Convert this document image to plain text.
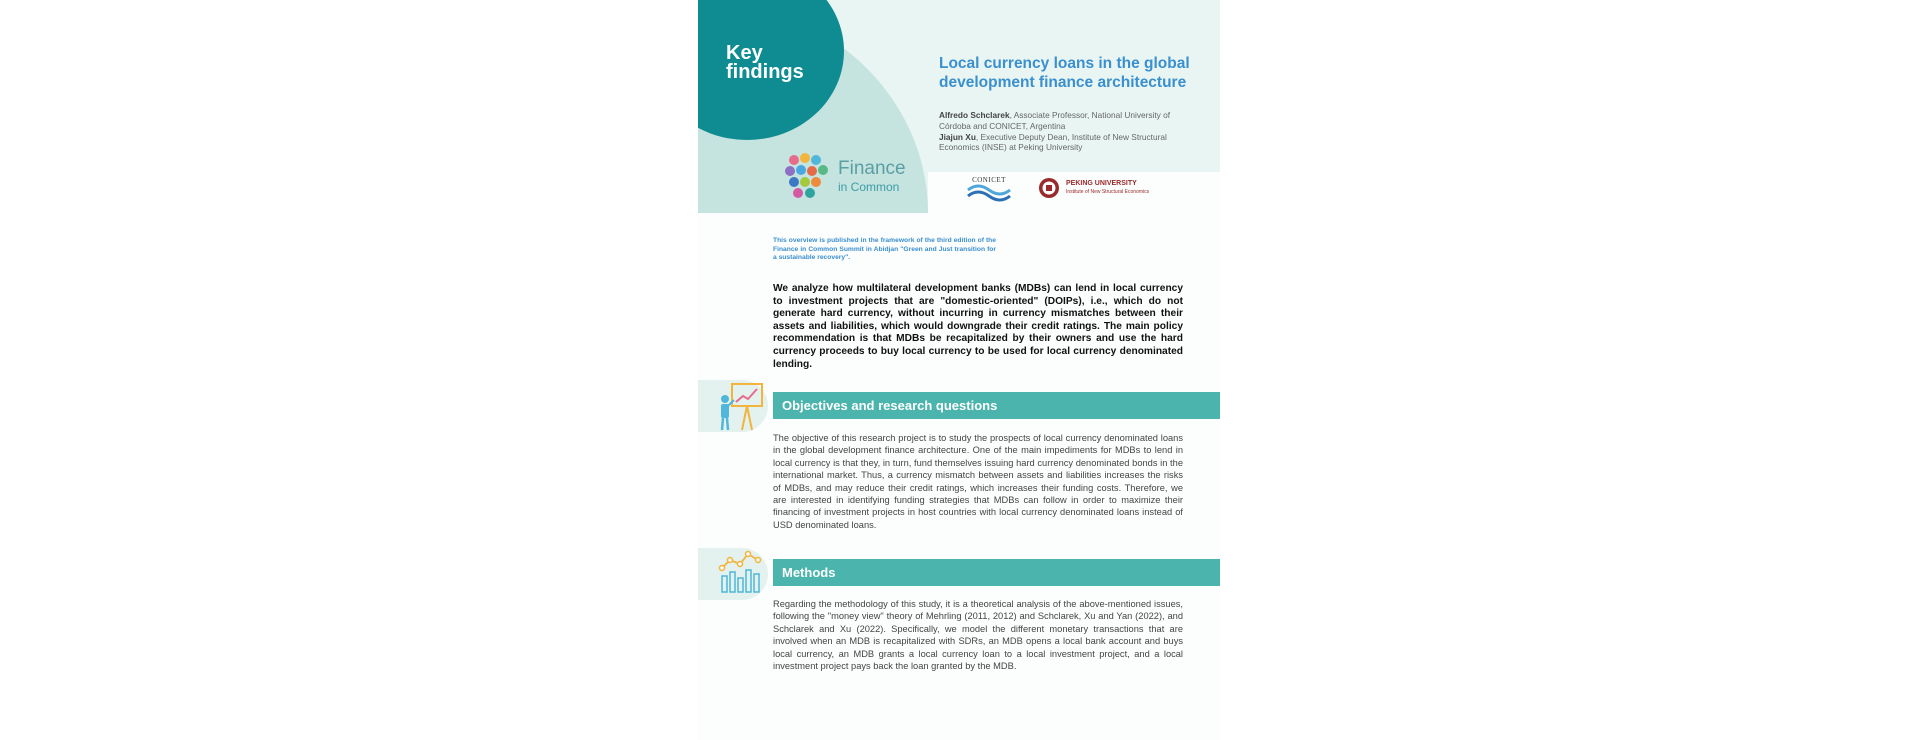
Key
findings
Finance
in Common
Local currency loans in the global
development finance architecture
Alfredo Schclarek, Associate Professor, National University of Córdoba and CONICET, Argentina
Jiajun Xu, Executive Deputy Dean, Institute of New Structural Economics (INSE) at Peking University
CONICET	PEKING UNIVERSITY
Institute of New Structural Economics
This overview is published in the framework of the third edition of the Finance in Common Summit in Abidjan "Green and Just transition for a sustainable recovery".
We analyze how multilateral development banks (MDBs) can lend in local currency to investment projects that are "domestic-oriented" (DOIPs), i.e., which do not generate hard currency, without incurring in currency mismatches between their assets and liabilities, which would downgrade their credit ratings. The main policy recommendation is that MDBs be recapitalized by their owners and use the hard currency proceeds to buy local currency to be used for local currency denominated lending.
Objectives and research questions
The objective of this research project is to study the prospects of local currency denominated loans in the global development finance architecture. One of the main impediments for MDBs to lend in local currency is that they, in turn, fund themselves issuing hard currency denominated bonds in the international market. Thus, a currency mismatch between assets and liabilities increases the risks of MDBs, and may reduce their credit ratings, which increases their funding costs. Therefore, we are interested in identifying funding strategies that MDBs can follow in order to maximize their financing of investment projects in host countries with local currency denominated loans instead of USD denominated loans.
Methods
Regarding the methodology of this study, it is a theoretical analysis of the above-mentioned issues, following the "money view" theory of Mehrling (2011, 2012) and Schclarek, Xu and Yan (2022), and Schclarek and Xu (2022). Specifically, we model the different monetary transactions that are involved when an MDB is recapitalized with SDRs, an MDB opens a local bank account and buys local currency, an MDB grants a local currency loan to a local investment project, and a local investment project pays back the loan granted by the MDB.
